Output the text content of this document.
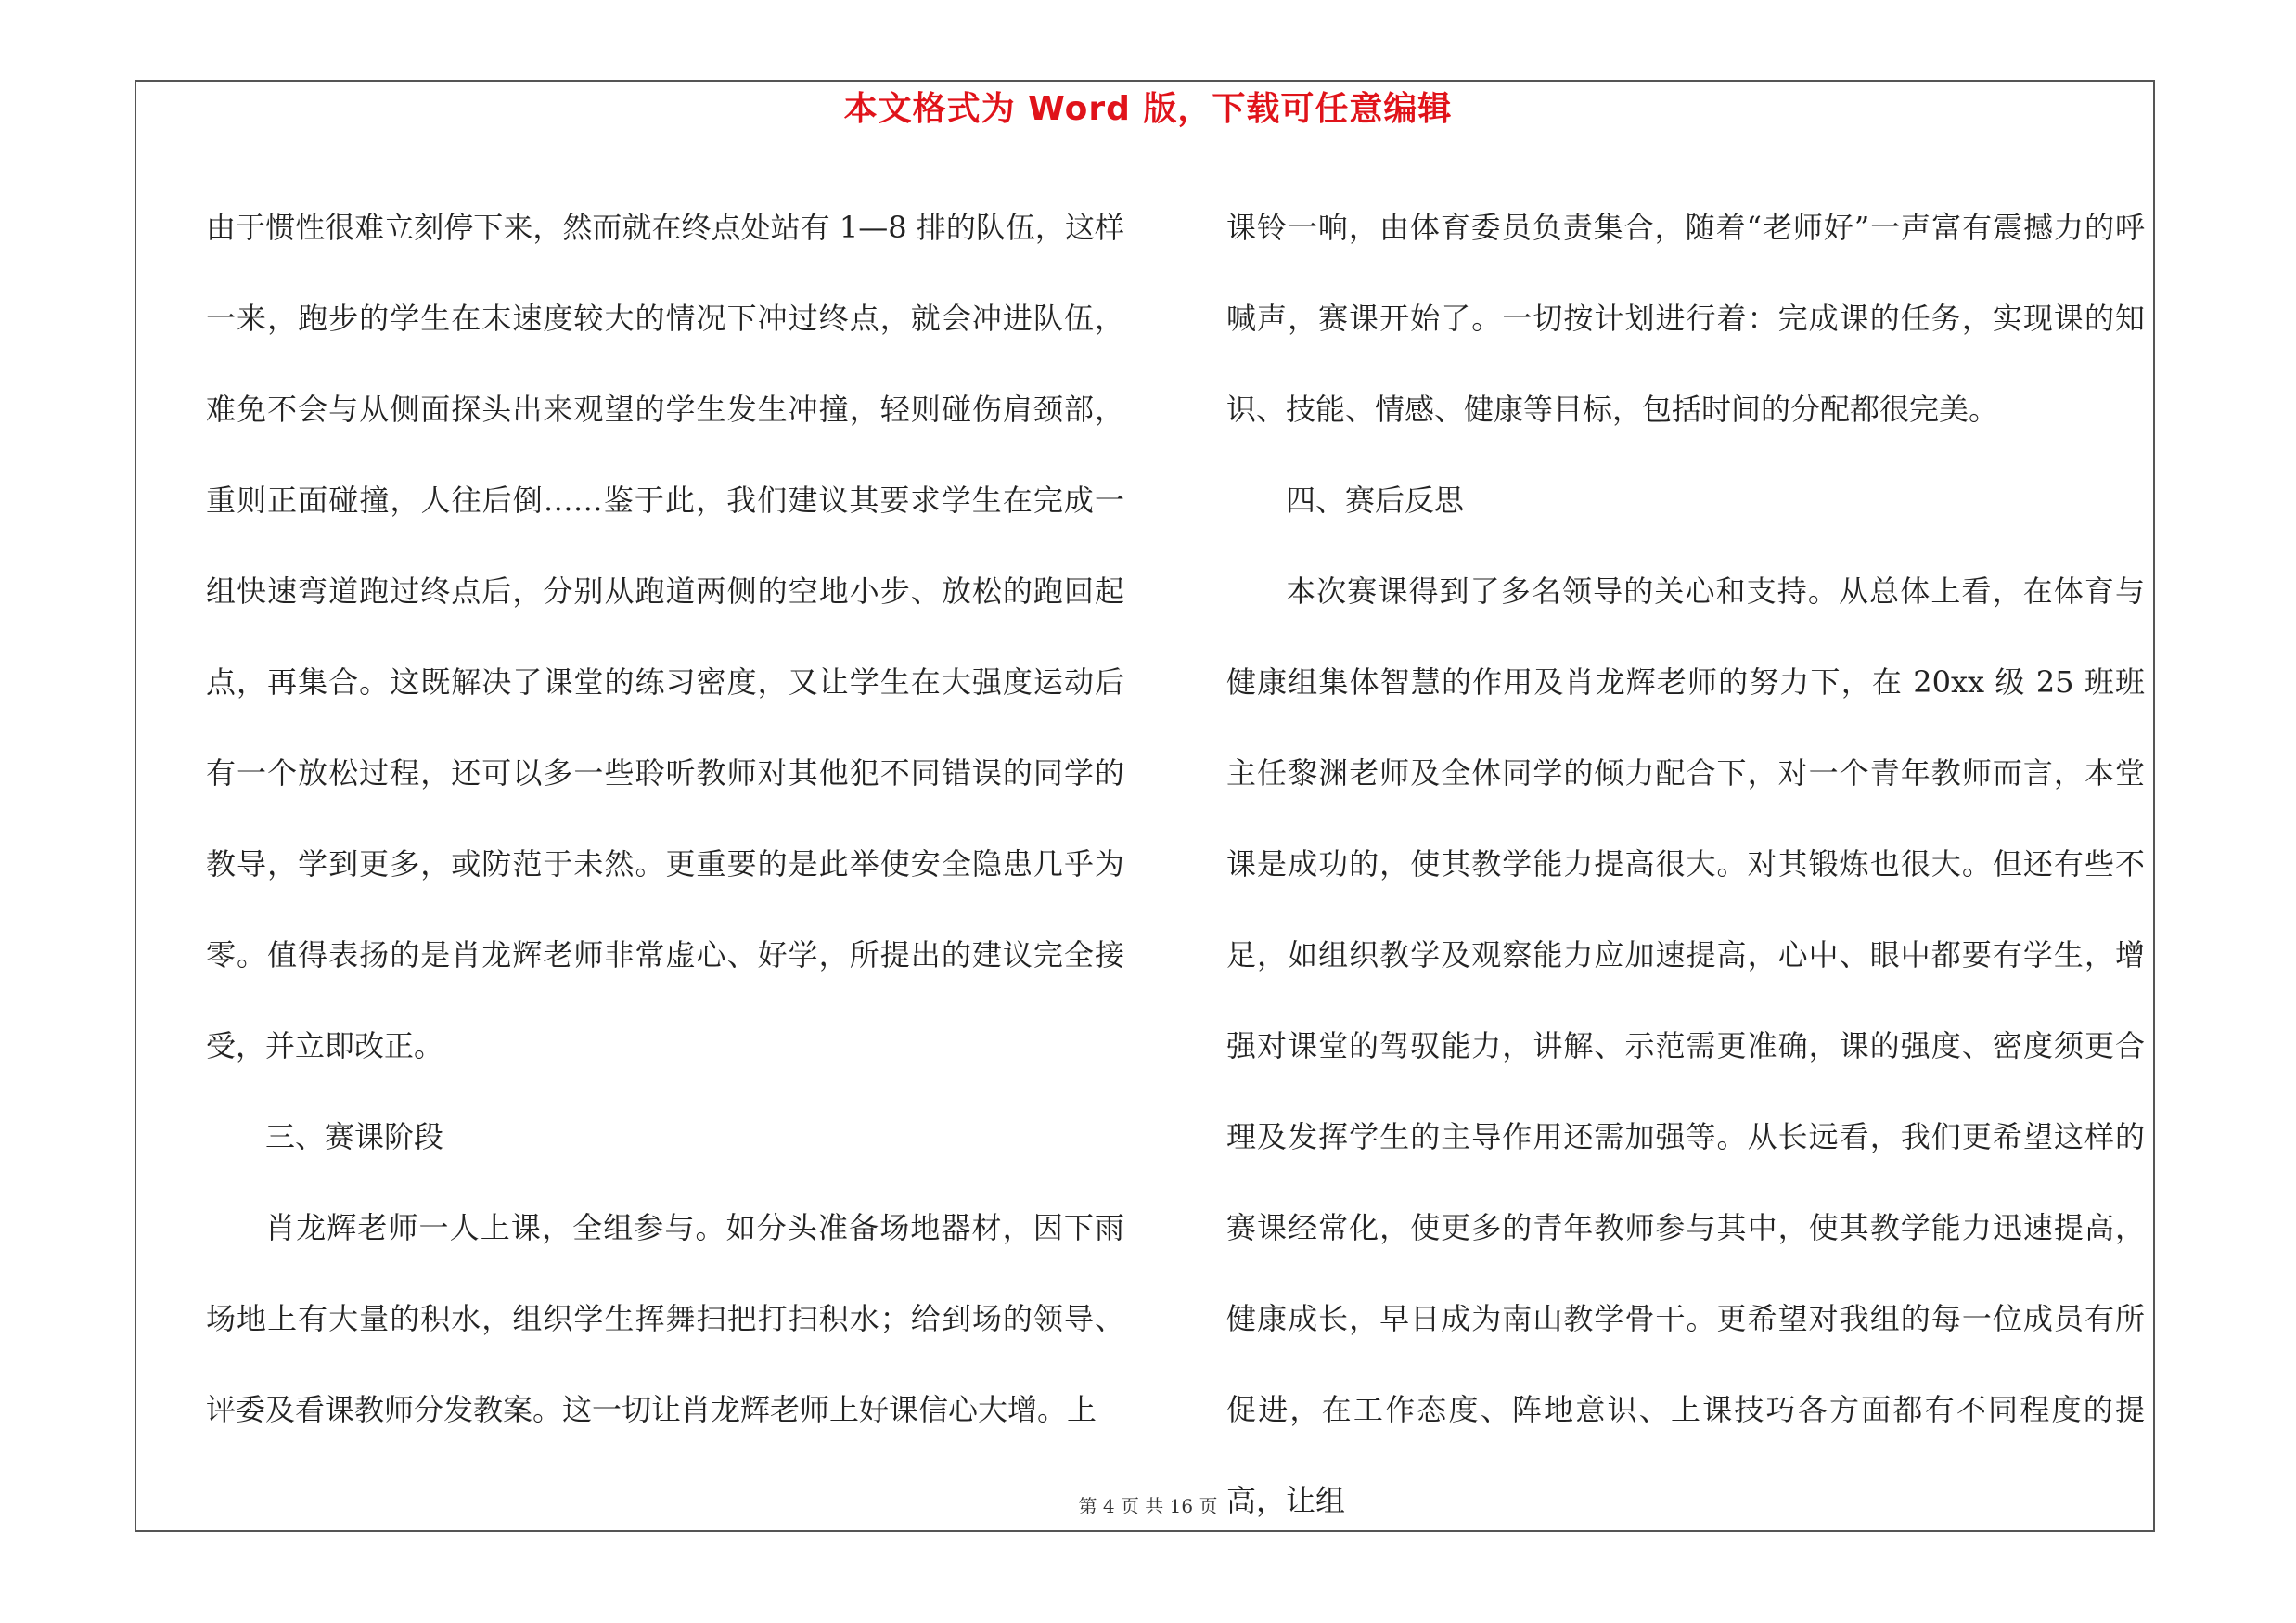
本文格式为 Word 版，下载可任意编辑

由于惯性很难立刻停下来，然而就在终点处站有 1—8 排的队伍，这样一来，跑步的学生在末速度较大的情况下冲过终点，就会冲进队伍，难免不会与从侧面探头出来观望的学生发生冲撞，轻则碰伤肩颈部，重则正面碰撞，人往后倒……鉴于此，我们建议其要求学生在完成一组快速弯道跑过终点后，分别从跑道两侧的空地小步、放松的跑回起点，再集合。这既解决了课堂的练习密度，又让学生在大强度运动后有一个放松过程，还可以多一些聆听教师对其他犯不同错误的同学的教导，学到更多，或防范于未然。更重要的是此举使安全隐患几乎为零。值得表扬的是肖龙辉老师非常虚心、好学，所提出的建议完全接受，并立即改正。

三、赛课阶段

肖龙辉老师一人上课，全组参与。如分头准备场地器材，因下雨场地上有大量的积水，组织学生挥舞扫把打扫积水；给到场的领导、评委及看课教师分发教案。这一切让肖龙辉老师上好课信心大增。上

课铃一响，由体育委员负责集合，随着“老师好”一声富有震撼力的呼喊声，赛课开始了。一切按计划进行着：完成课的任务，实现课的知识、技能、情感、健康等目标，包括时间的分配都很完美。

四、赛后反思

本次赛课得到了多名领导的关心和支持。从总体上看，在体育与健康组集体智慧的作用及肖龙辉老师的努力下，在 20xx 级 25 班班主任黎渊老师及全体同学的倾力配合下，对一个青年教师而言，本堂课是成功的，使其教学能力提高很大。对其锻炼也很大。但还有些不足，如组织教学及观察能力应加速提高，心中、眼中都要有学生，增强对课堂的驾驭能力，讲解、示范需更准确，课的强度、密度须更合理及发挥学生的主导作用还需加强等。从长远看，我们更希望这样的赛课经常化，使更多的青年教师参与其中，使其教学能力迅速提高，健康成长，早日成为南山教学骨干。更希望对我组的每一位成员有所促进，在工作态度、阵地意识、上课技巧各方面都有不同程度的提高，让组

第 4 页 共 16 页
